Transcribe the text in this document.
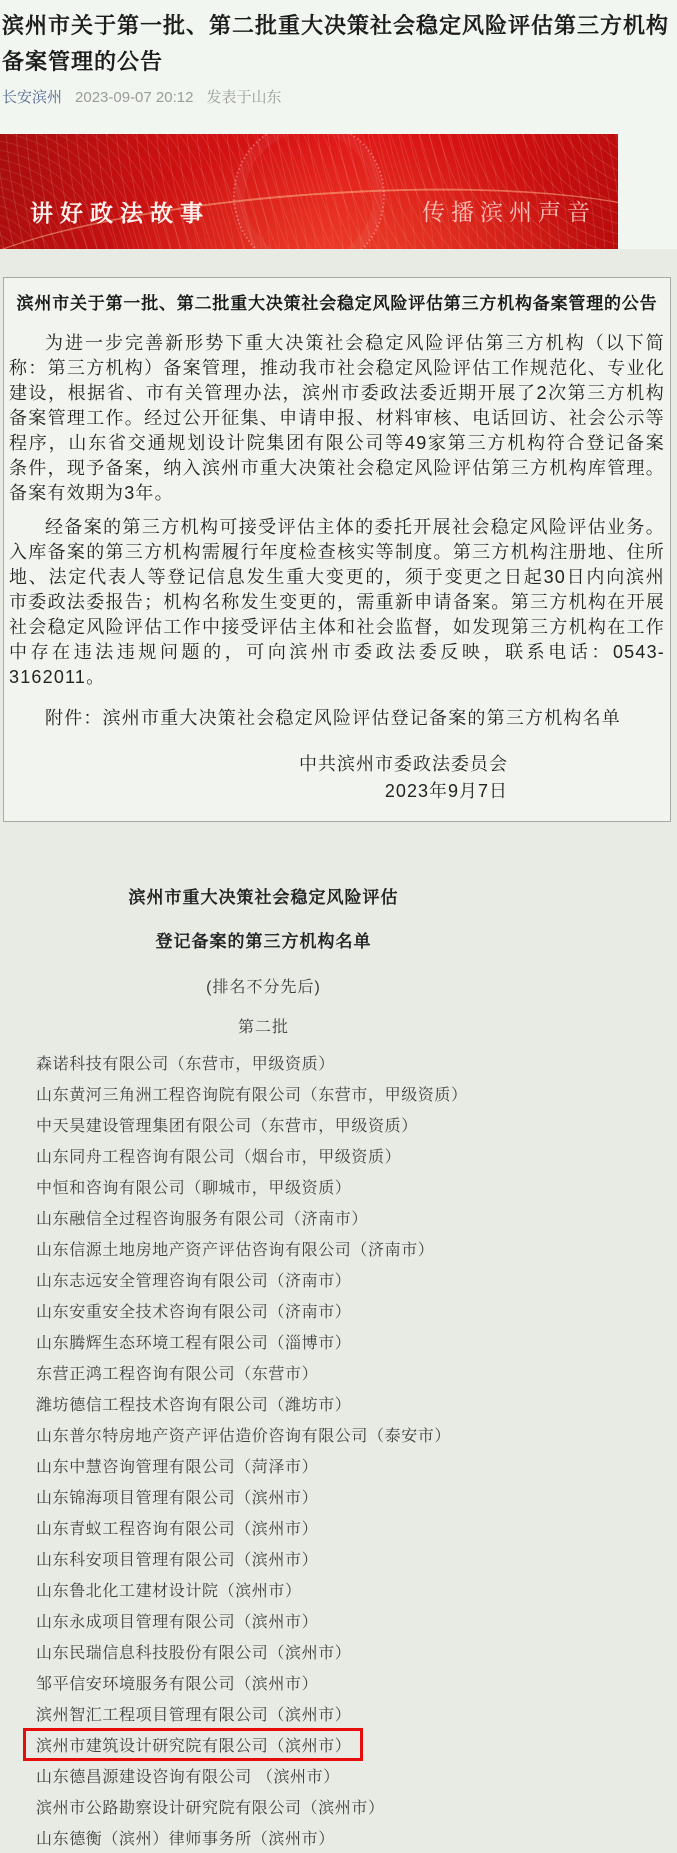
滨州市关于第一批、第二批重大决策社会稳定风险评估第三方机构备案管理的公告
长安滨州 2023-09-07 20:12 发表于山东
讲好政法故事	传播滨州声音
滨州市关于第一批、第二批重大决策社会稳定风险评估第三方机构备案管理的公告

为进一步完善新形势下重大决策社会稳定风险评估第三方机构（以下简称：第三方机构）备案管理，推动我市社会稳定风险评估工作规范化、专业化建设，根据省、市有关管理办法，滨州市委政法委近期开展了2次第三方机构备案管理工作。经过公开征集、申请申报、材料审核、电话回访、社会公示等程序，山东省交通规划设计院集团有限公司等49家第三方机构符合登记备案条件，现予备案，纳入滨州市重大决策社会稳定风险评估第三方机构库管理。备案有效期为3年。

经备案的第三方机构可接受评估主体的委托开展社会稳定风险评估业务。入库备案的第三方机构需履行年度检查核实等制度。第三方机构注册地、住所地、法定代表人等登记信息发生重大变更的，须于变更之日起30日内向滨州市委政法委报告；机构名称发生变更的，需重新申请备案。第三方机构在开展社会稳定风险评估工作中接受评估主体和社会监督，如发现第三方机构在工作中存在违法违规问题的，可向滨州市委政法委反映，联系电话：0543-3162011。

附件：滨州市重大决策社会稳定风险评估登记备案的第三方机构名单

中共滨州市委政法委员会
2023年9月7日
滨州市重大决策社会稳定风险评估
登记备案的第三方机构名单
(排名不分先后)
第二批
森诺科技有限公司（东营市，甲级资质）
山东黄河三角洲工程咨询院有限公司（东营市，甲级资质）
中天昊建设管理集团有限公司（东营市，甲级资质）
山东同舟工程咨询有限公司（烟台市，甲级资质）
中恒和咨询有限公司（聊城市，甲级资质）
山东融信全过程咨询服务有限公司（济南市）
山东信源土地房地产资产评估咨询有限公司（济南市）
山东志远安全管理咨询有限公司（济南市）
山东安重安全技术咨询有限公司（济南市）
山东腾辉生态环境工程有限公司（淄博市）
东营正鸿工程咨询有限公司（东营市）
潍坊德信工程技术咨询有限公司（潍坊市）
山东普尔特房地产资产评估造价咨询有限公司（泰安市）
山东中慧咨询管理有限公司（菏泽市）
山东锦海项目管理有限公司（滨州市）
山东青蚁工程咨询有限公司（滨州市）
山东科安项目管理有限公司（滨州市）
山东鲁北化工建材设计院（滨州市）
山东永成项目管理有限公司（滨州市）
山东民瑞信息科技股份有限公司（滨州市）
邹平信安环境服务有限公司（滨州市）
滨州智汇工程项目管理有限公司（滨州市）
滨州市建筑设计研究院有限公司（滨州市）
山东德昌源建设咨询有限公司 （滨州市）
滨州市公路勘察设计研究院有限公司（滨州市）
山东德衡（滨州）律师事务所（滨州市）
